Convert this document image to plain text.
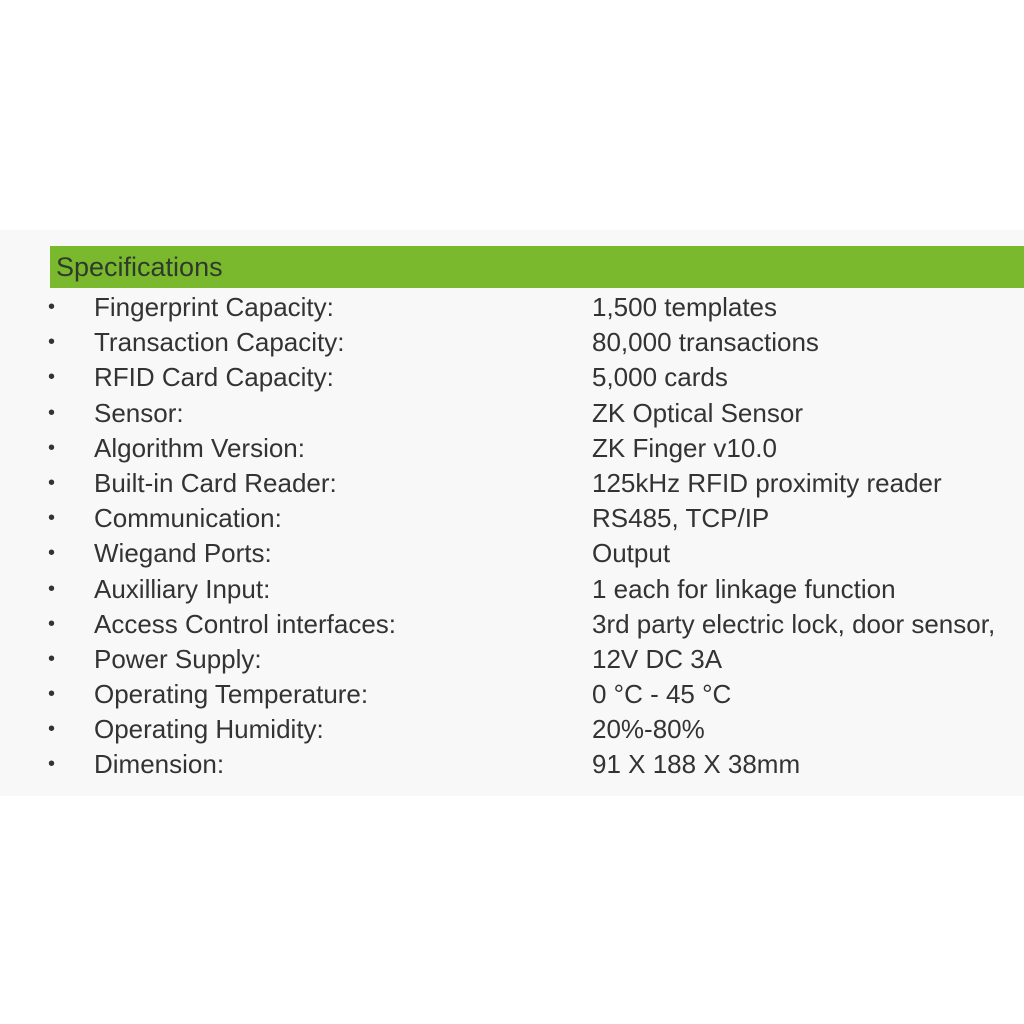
Specifications
• Fingerprint Capacity:	1,500 templates
• Transaction Capacity:	80,000 transactions
• RFID Card Capacity:	5,000 cards
• Sensor:	ZK Optical Sensor
• Algorithm Version:	ZK Finger v10.0
• Built-in Card Reader:	125kHz RFID proximity reader
• Communication:	RS485, TCP/IP
• Wiegand Ports:	Output
• Auxilliary Input:	1 each for linkage function
• Access Control interfaces:	3rd party electric lock, door sensor,
• Power Supply:	12V DC 3A
• Operating Temperature:	0 °C - 45 °C
• Operating Humidity:	20%-80%
• Dimension:	91 X 188 X 38mm
